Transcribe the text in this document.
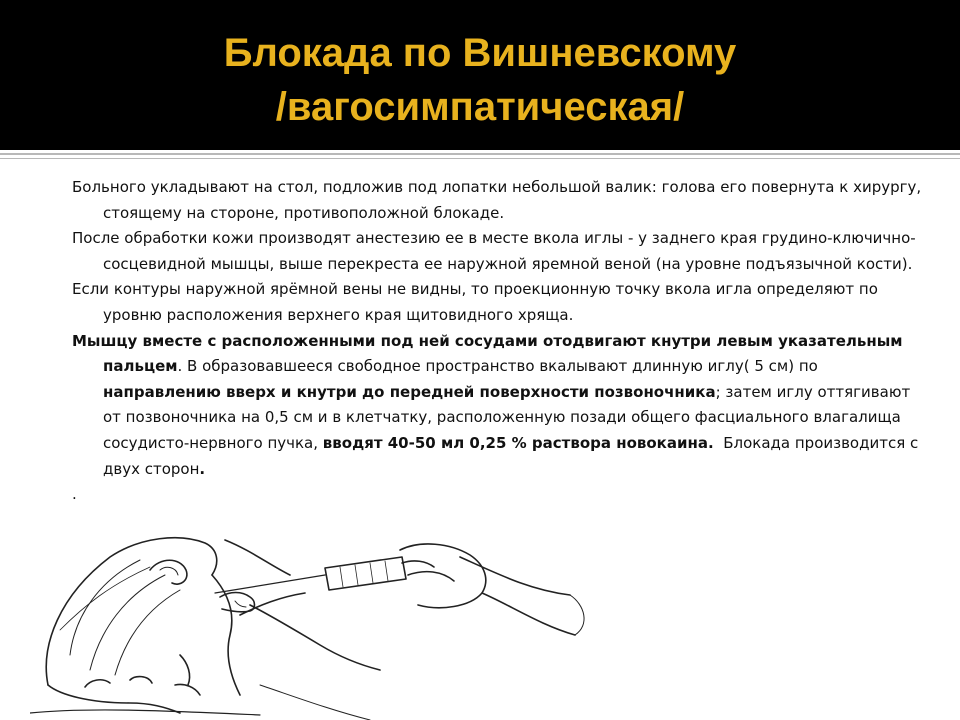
Блокада по Вишневскому
/вагосимпатическая/

Больного укладывают на стол, подложив под лопатки небольшой валик: голова его повернута к хирургу, стоящему на стороне, противоположной блокаде.

После обработки кожи производят анестезию ее в месте вкола иглы - у заднего края грудино-ключично-сосцевидной мышцы, выше перекреста ее наружной яремной веной (на уровне подъязычной кости).

Если контуры наружной ярёмной вены не видны, то проекционную точку вкола игла определяют по уровню расположения верхнего края щитовидного хряща.

Мышцу вместе с расположенными под ней сосудами отодвигают кнутри левым указательным пальцем. В образовавшееся свободное пространство вкалывают длинную иглу( 5 см) по направлению вверх и кнутри до передней поверхности позвоночника; затем иглу оттягивают от позвоночника на 0,5 см и в клетчатку, расположенную позади общего фасциального влагалища сосудисто-нервного пучка, вводят 40-50 мл 0,25 % раствора новокаина.  Блокада производится с двух сторон.

.
